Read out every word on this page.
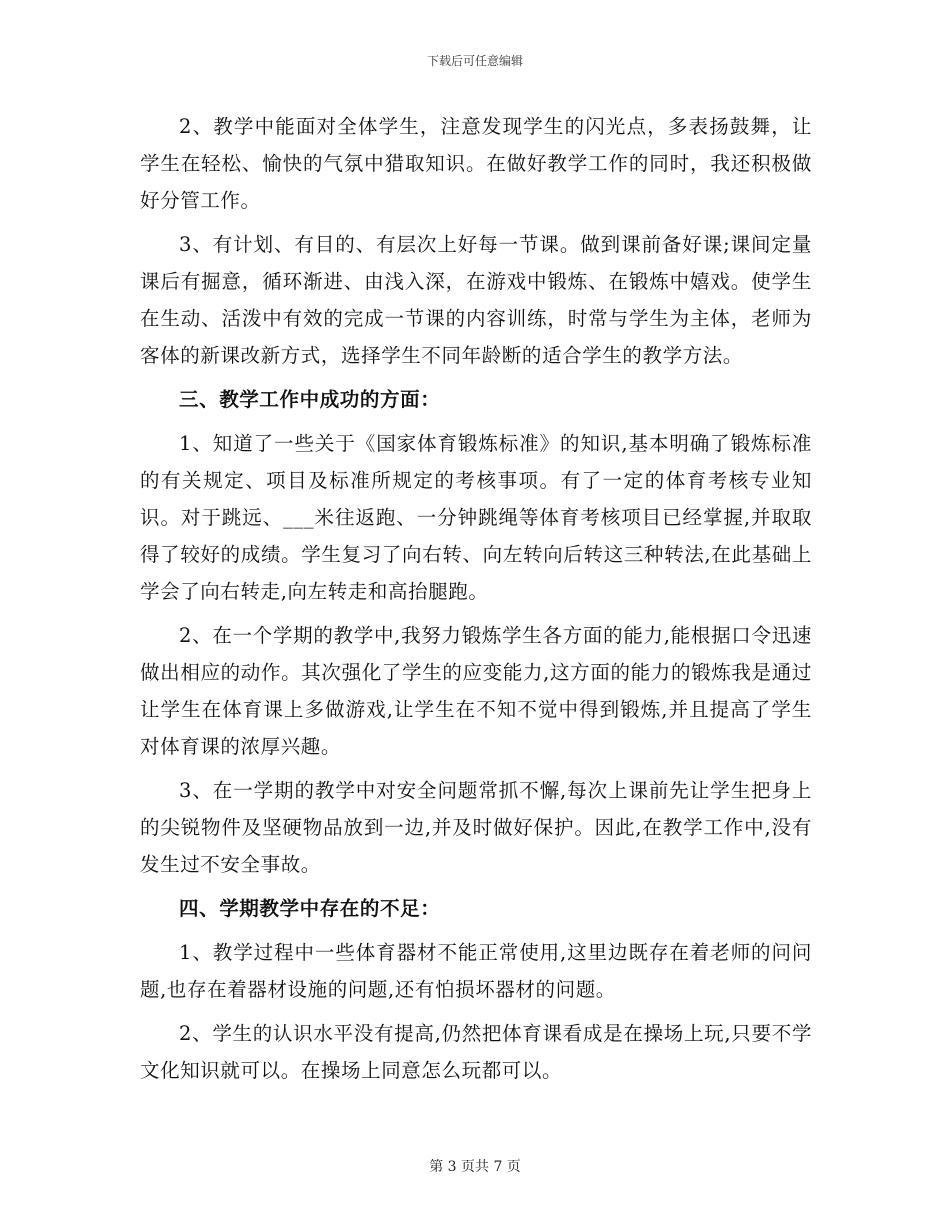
下载后可任意编辑

2、教学中能面对全体学生，注意发现学生的闪光点，多表扬鼓舞，让学生在轻松、愉快的气氛中猎取知识。在做好教学工作的同时，我还积极做好分管工作。

3、有计划、有目的、有层次上好每一节课。做到课前备好课;课间定量课后有掘意，循环渐进、由浅入深，在游戏中锻炼、在锻炼中嬉戏。使学生在生动、活泼中有效的完成一节课的内容训练，时常与学生为主体，老师为客体的新课改新方式，选择学生不同年龄断的适合学生的教学方法。

三、教学工作中成功的方面：

1、知道了一些关于《国家体育锻炼标准》的知识,基本明确了锻炼标准的有关规定、项目及标准所规定的考核事项。有了一定的体育考核专业知识。对于跳远、___米往返跑、一分钟跳绳等体育考核项目已经掌握,并取取得了较好的成绩。学生复习了向右转、向左转向后转这三种转法,在此基础上学会了向右转走,向左转走和高抬腿跑。

2、在一个学期的教学中,我努力锻炼学生各方面的能力,能根据口令迅速做出相应的动作。其次强化了学生的应变能力,这方面的能力的锻炼我是通过让学生在体育课上多做游戏,让学生在不知不觉中得到锻炼,并且提高了学生对体育课的浓厚兴趣。

3、在一学期的教学中对安全问题常抓不懈,每次上课前先让学生把身上的尖锐物件及坚硬物品放到一边,并及时做好保护。因此,在教学工作中,没有发生过不安全事故。

四、学期教学中存在的不足：

1、教学过程中一些体育器材不能正常使用,这里边既存在着老师的问问题,也存在着器材设施的问题,还有怕损坏器材的问题。

2、学生的认识水平没有提高,仍然把体育课看成是在操场上玩,只要不学文化知识就可以。在操场上同意怎么玩都可以。

第 3 页共 7 页
